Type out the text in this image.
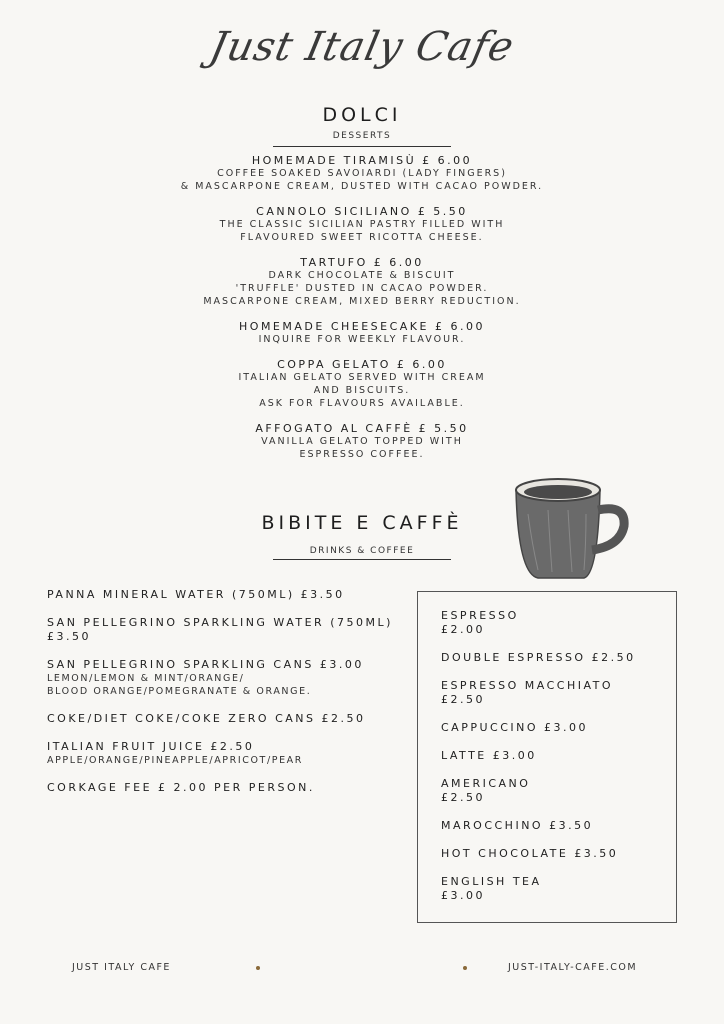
Just Italy Cafe
DOLCI
DESSERTS
HOMEMADE TIRAMISÙ £ 6.00
COFFEE SOAKED SAVOIARDI (LADY FINGERS)
& MASCARPONE CREAM, DUSTED WITH CACAO POWDER.
CANNOLO SICILIANO £ 5.50
THE CLASSIC SICILIAN PASTRY FILLED WITH
FLAVOURED SWEET RICOTTA CHEESE.
TARTUFO £ 6.00
DARK CHOCOLATE & BISCUIT
'TRUFFLE' DUSTED IN CACAO POWDER.
MASCARPONE CREAM, MIXED BERRY REDUCTION.
HOMEMADE CHEESECAKE £ 6.00
INQUIRE FOR WEEKLY FLAVOUR.
COPPA GELATO £ 6.00
ITALIAN GELATO SERVED WITH CREAM
AND BISCUITS.
ASK FOR FLAVOURS AVAILABLE.
AFFOGATO AL CAFFÈ £ 5.50
VANILLA GELATO TOPPED WITH
ESPRESSO COFFEE.
BIBITE E CAFFÈ
DRINKS & COFFEE
PANNA MINERAL WATER (750ML) £3.50
SAN PELLEGRINO SPARKLING WATER (750ML)
£3.50
SAN PELLEGRINO SPARKLING CANS £3.00
LEMON/LEMON & MINT/ORANGE/
BLOOD ORANGE/POMEGRANATE & ORANGE.
COKE/DIET COKE/COKE ZERO CANS £2.50
ITALIAN FRUIT JUICE £2.50
APPLE/ORANGE/PINEAPPLE/APRICOT/PEAR
CORKAGE FEE £ 2.00 PER PERSON.
ESPRESSO
£2.00
DOUBLE ESPRESSO £2.50
ESPRESSO MACCHIATO
£2.50
CAPPUCCINO £3.00
LATTE £3.00
AMERICANO
£2.50
MAROCCHINO £3.50
HOT CHOCOLATE £3.50
ENGLISH TEA
£3.00
JUST ITALY CAFE	JUST-ITALY-CAFE.COM
